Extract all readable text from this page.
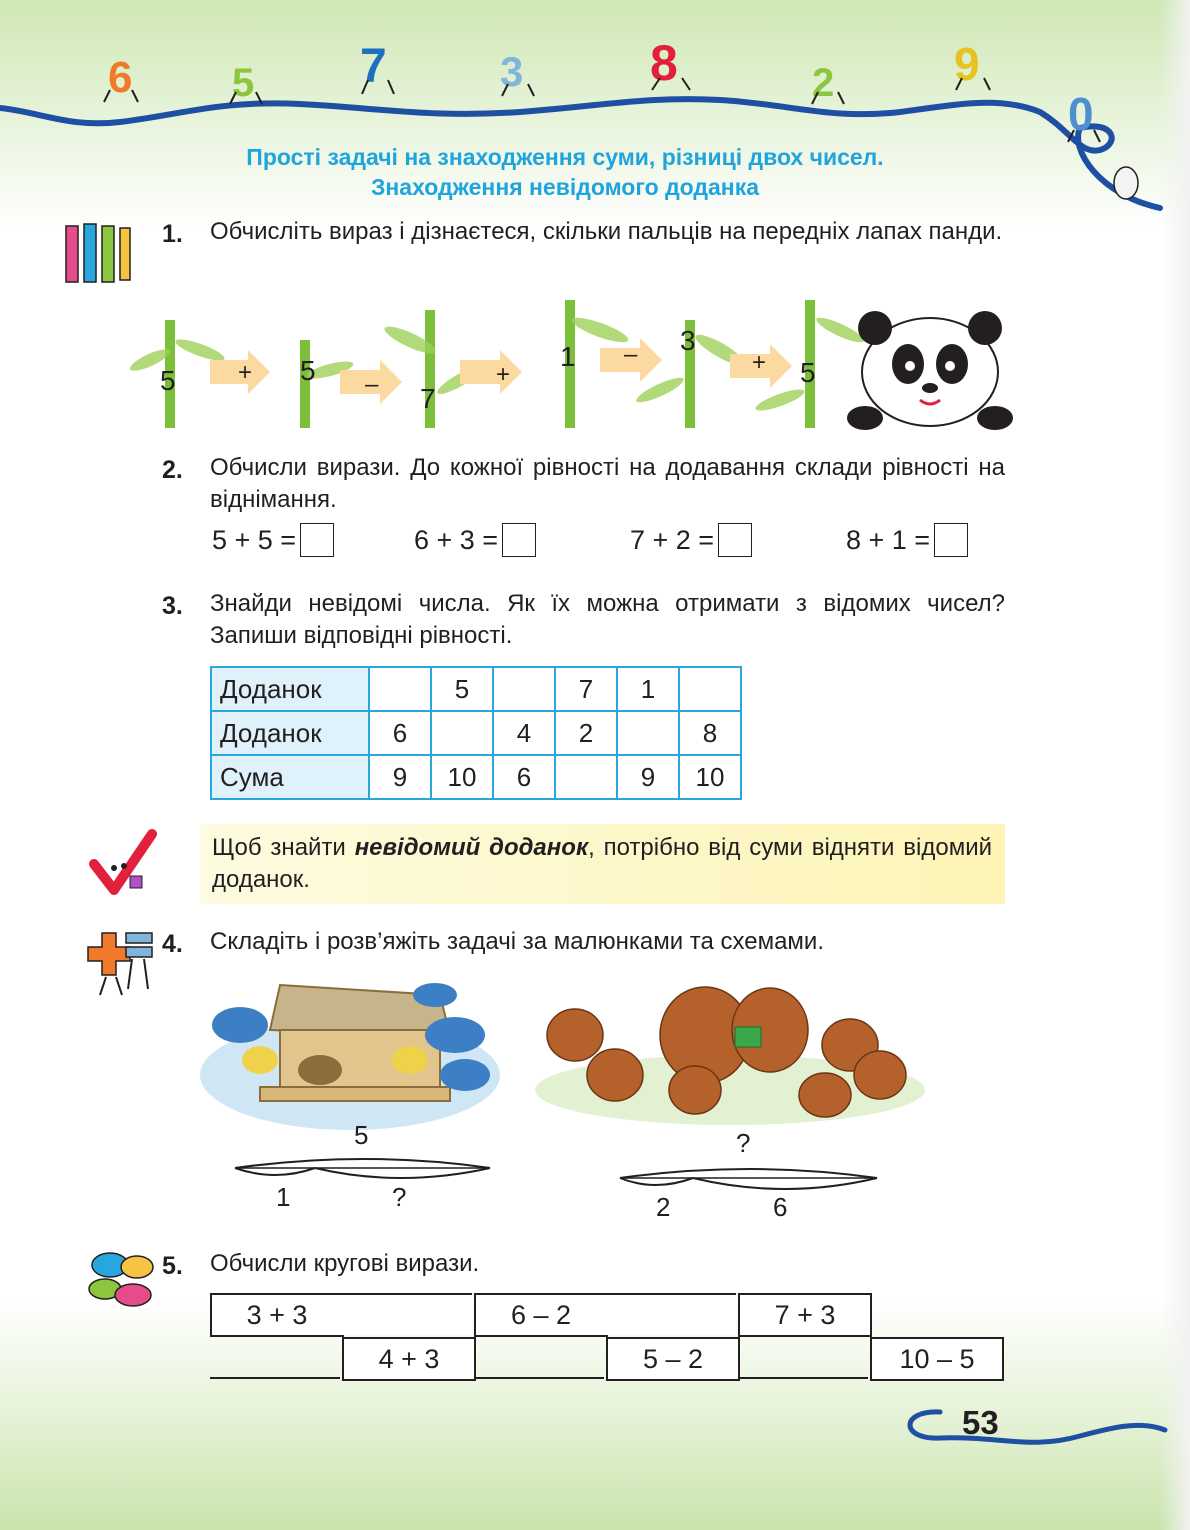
6 5 7	3	8	2	9
0
Прості задачі на знаходження суми, різниці двох чисел.
Знаходження невідомого доданка
1. Обчисліть вираз і дізнаєтеся, скільки пальців на передніх лапах панди.
5	+ 5 – 7
+
1 – 3
+ 5
2. Обчисли вирази. До кожної рівності на додавання склади рівності на віднімання.
5 + 5 =	6 + 3 =	7 + 2 =	8 + 1 =
3. Знайди невідомі числа. Як їх можна отримати з відомих чисел? Запиши відповідні рівності.
Доданок		5		7	1	
Доданок	6		4	2		8
Сума	9	10	6		9	10
Щоб знайти невідомий доданок, потрібно від суми відняти відомий доданок.
4. Складіть і розв’яжіть задачі за малюнками та схемами.
5
1	?
?
2	6
5. Обчисли кругові вирази.
3 + 3	6 – 2	7 + 3
4 + 3	5 – 2	10 – 5
53
